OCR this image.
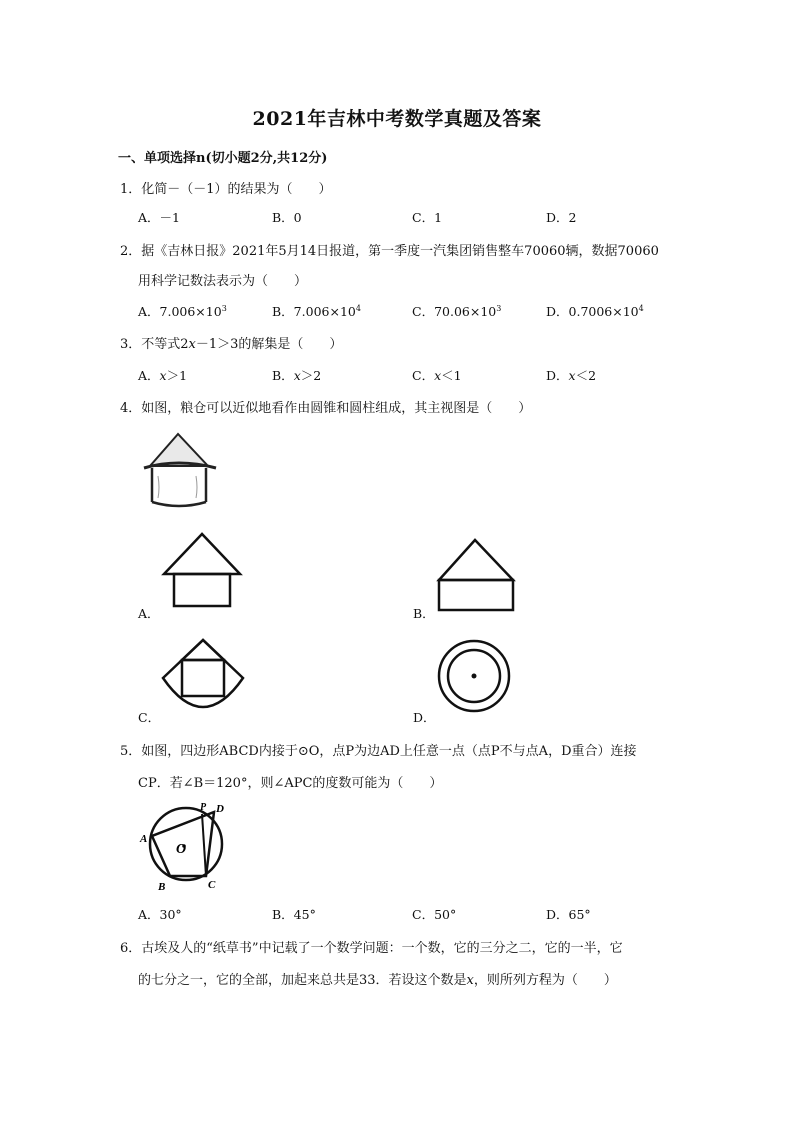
2021年吉林中考数学真题及答案
一、单项选择n(切小题2分,共12分)
1．化简－（－1）的结果为（　　）
A．－1	B．0	C．1	D．2
2．据《吉林日报》2021年5月14日报道，第一季度一汽集团销售整车70060辆，数据70060
用科学记数法表示为（　　）
A．$7.006\times 10^3$	B．$7.006\times 10^4$	C．$70.06\times 10^3$	D．$0.7006\times 10^4$
3．不等式2x－1＞3的解集是（　　）
A．x＞1	B．x＞2	C．x＜1	D．x＜2
4．如图，粮仓可以近似地看作由圆锥和圆柱组成，其主视图是（　　）
A．	B．
C．	D．
5．如图，四边形ABCD内接于⊙O，点P为边AD上任意一点（点P不与点A，D重合）连接
CP．若∠B＝120°，则∠APC的度数可能为（　　）
A
B	C
D
P
O
A．30°	B．45°	C．50°	D．65°
6．古埃及人的“纸草书”中记载了一个数学问题：一个数，它的三分之二，它的一半，它
的七分之一，它的全部，加起来总共是33．若设这个数是x，则所列方程为（　　）
